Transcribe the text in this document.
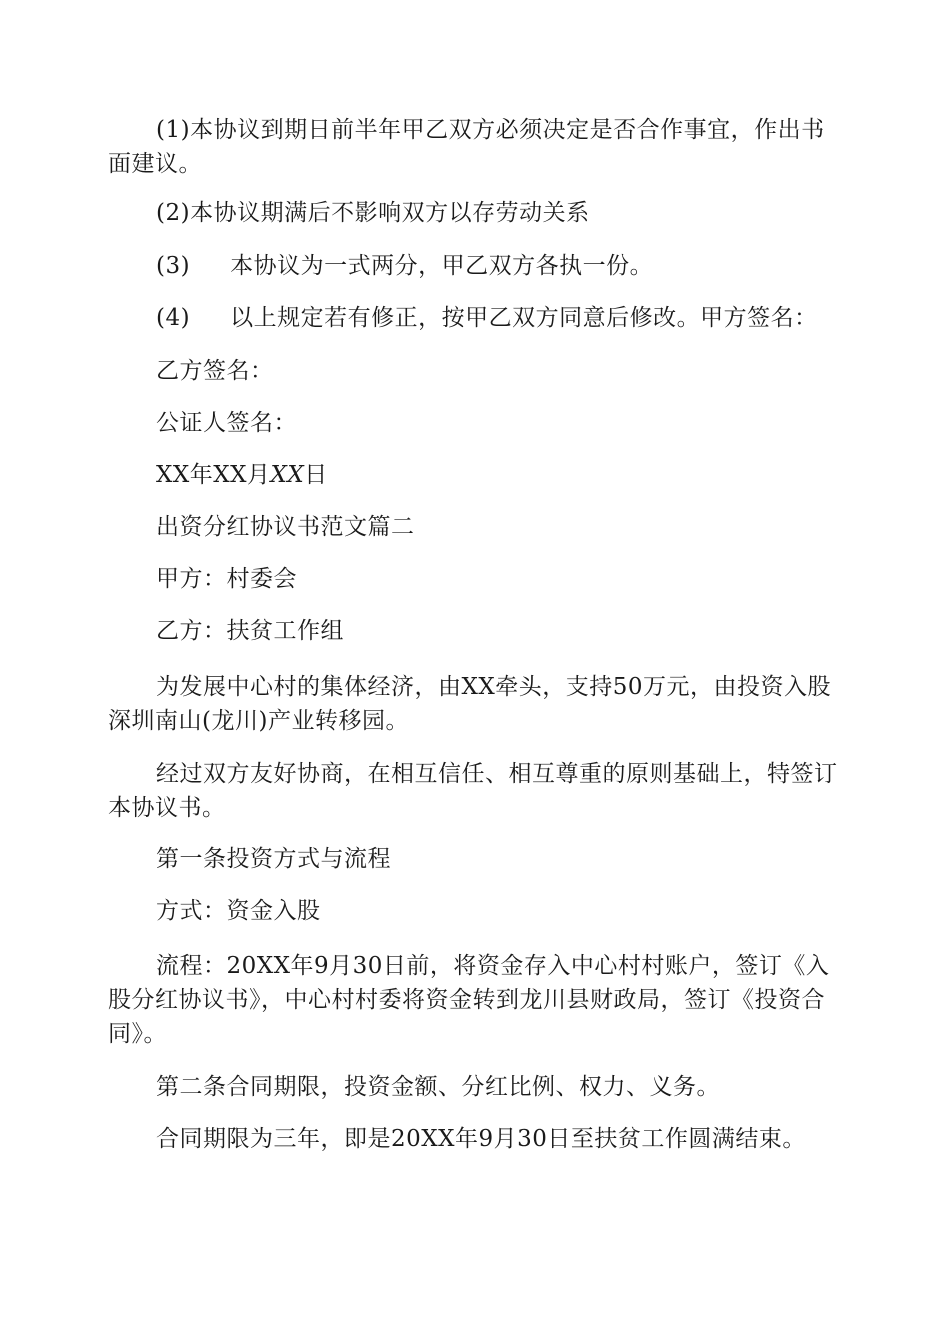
(1)本协议到期日前半年甲乙双方必须决定是否合作事宜，作出书面建议。

(2)本协议期满后不影响双方以存劳动关系

(3) 本协议为一式两分，甲乙双方各执一份。

(4) 以上规定若有修正，按甲乙双方同意后修改。甲方签名：

乙方签名：

公证人签名：

XX年XX月XX日

出资分红协议书范文篇二

甲方：村委会

乙方：扶贫工作组

为发展中心村的集体经济，由XX牵头，支持50万元，由投资入股深圳南山(龙川)产业转移园。

经过双方友好协商，在相互信任、相互尊重的原则基础上，特签订本协议书。

第一条投资方式与流程

方式：资金入股

流程：20XX年9月30日前，将资金存入中心村村账户，签订《入股分红协议书》，中心村村委将资金转到龙川县财政局，签订《投资合同》。

第二条合同期限，投资金额、分红比例、权力、义务。

合同期限为三年，即是20XX年9月30日至扶贫工作圆满结束。
